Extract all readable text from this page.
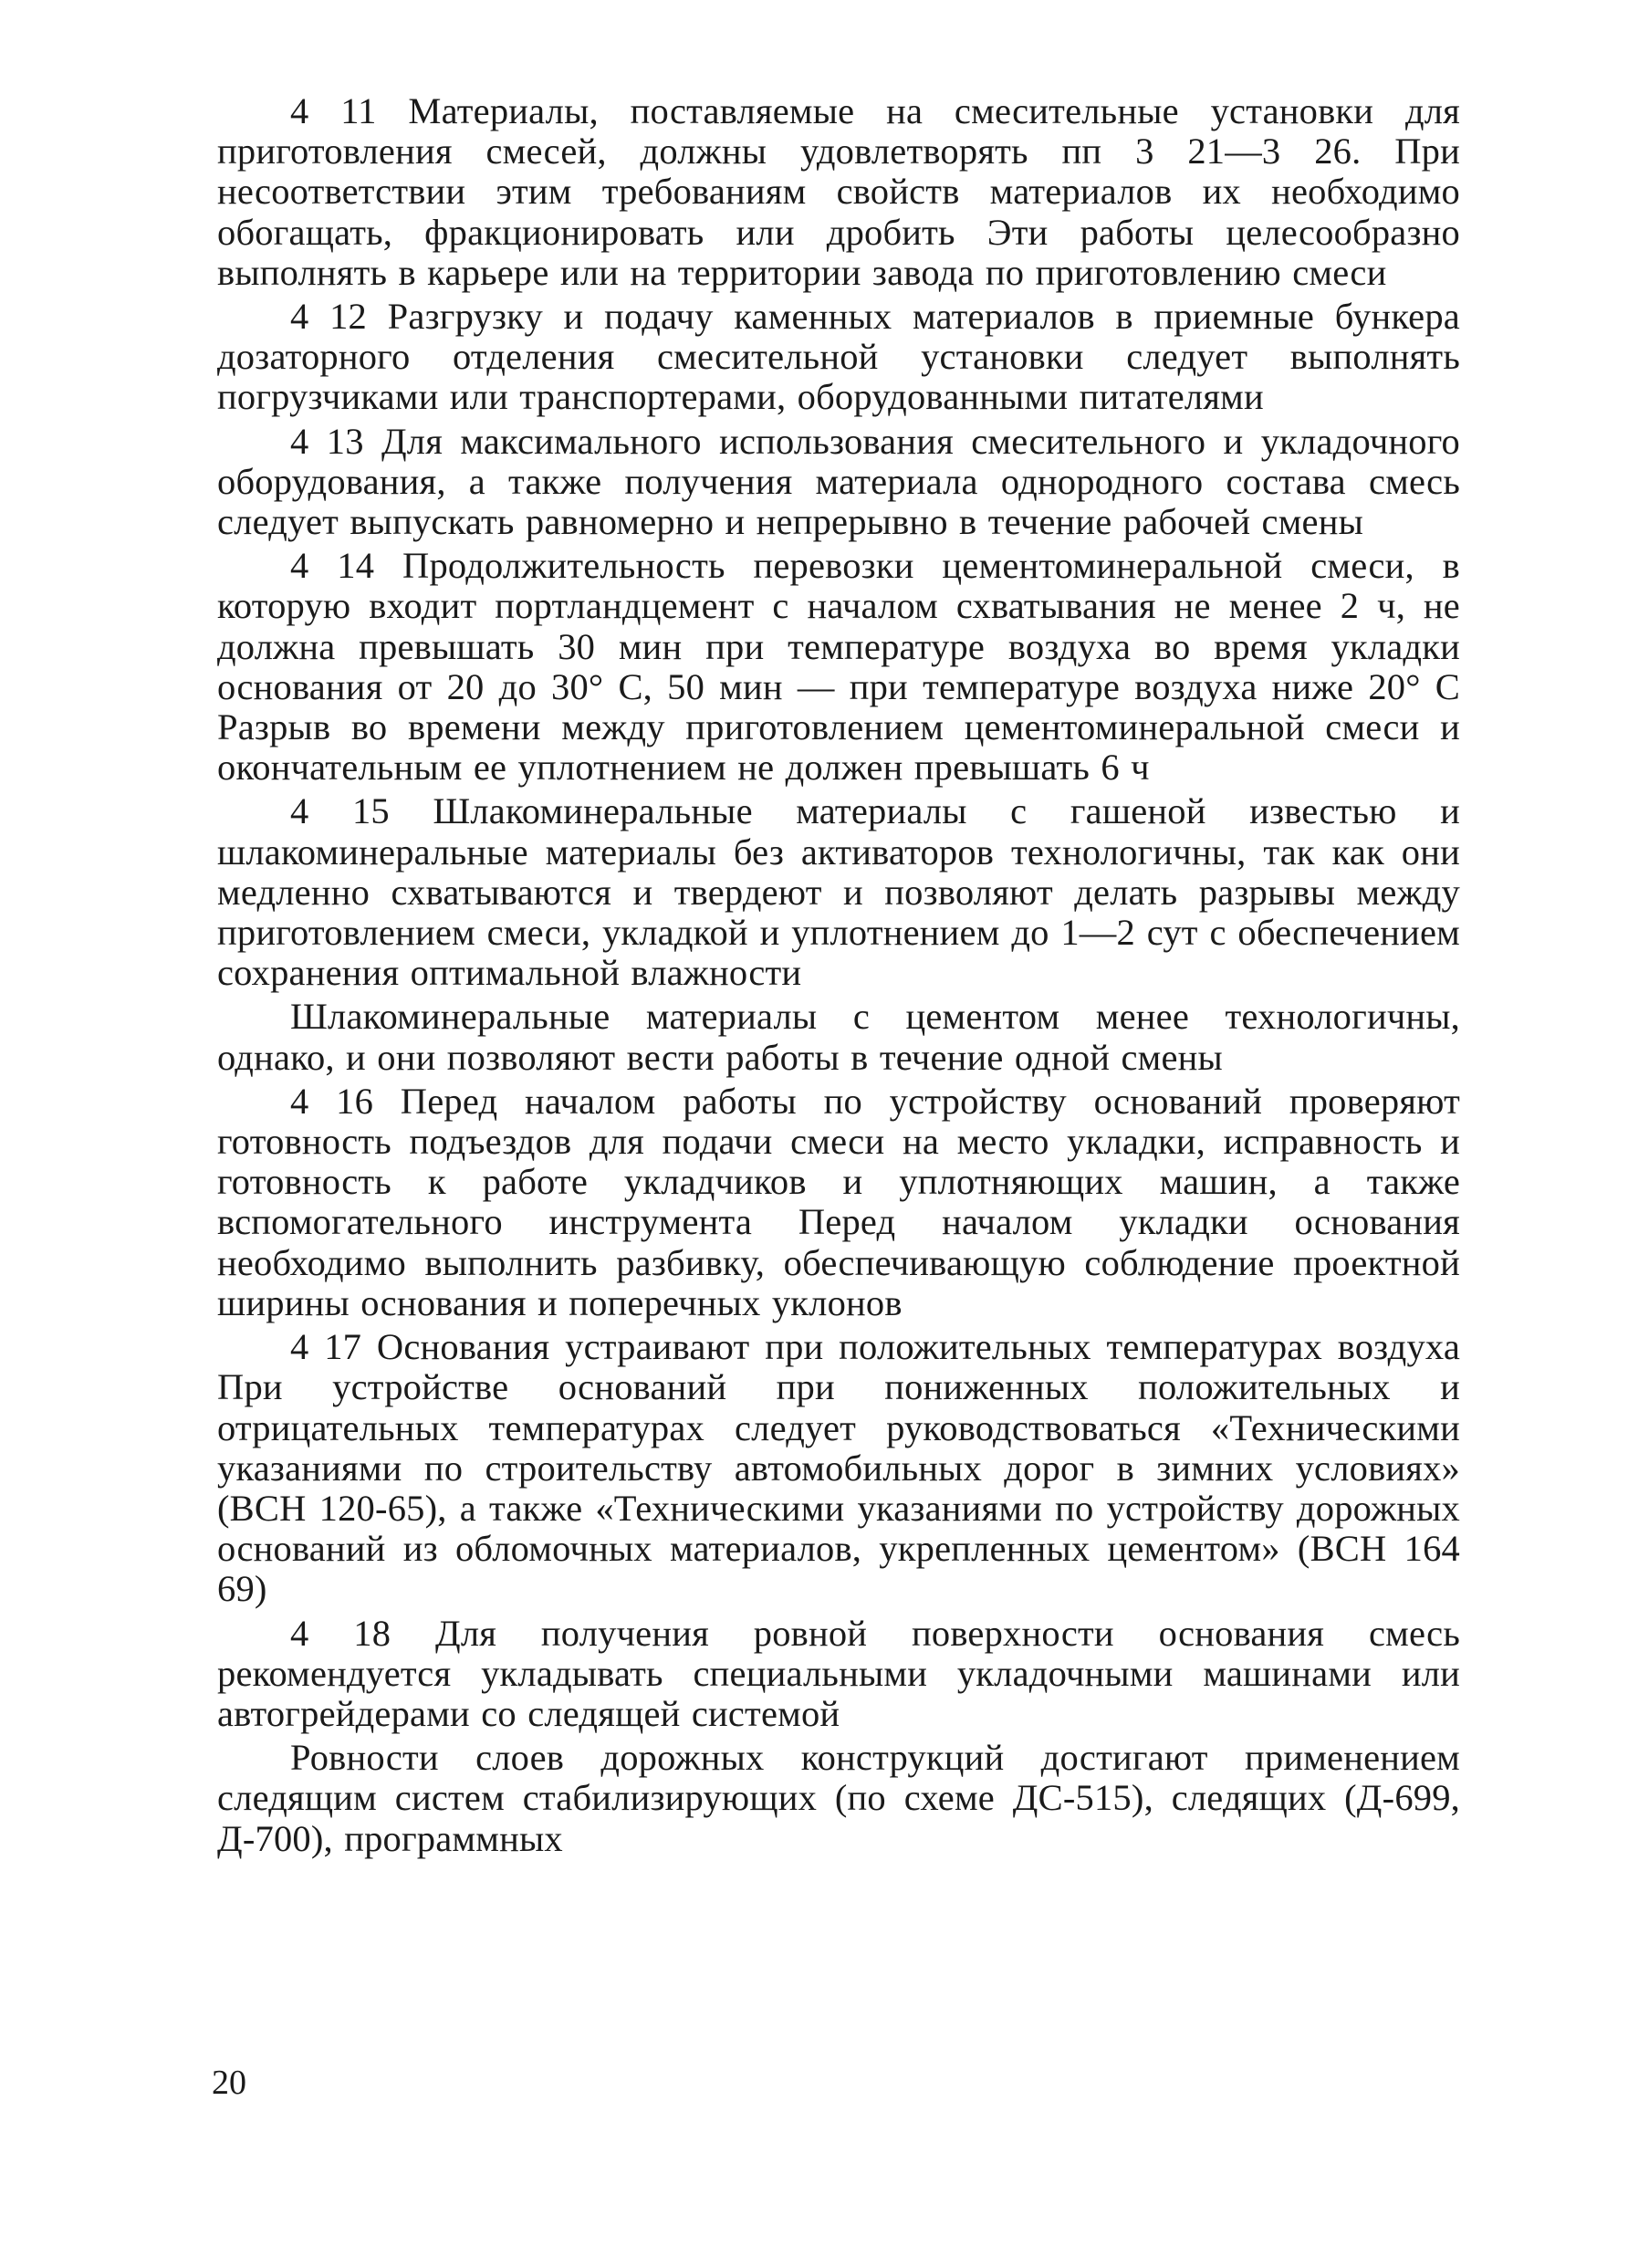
4 11 Материалы, поставляемые на смесительные установки для приготовления смесей, должны удовлетворять пп 3 21—3 26. При несоответствии этим требованиям свойств материалов их необходимо обогащать, фракционировать или дробить Эти работы целесообразно выполнять в карьере или на территории завода по приготовлению смеси

4 12 Разгрузку и подачу каменных материалов в приемные бункера дозаторного отделения смесительной установки следует выполнять погрузчиками или транспортерами, оборудованными питателями

4 13 Для максимального использования смесительного и укладочного оборудования, а также получения материала однородного состава смесь следует выпускать равномерно и непрерывно в течение рабочей смены

4 14 Продолжительность перевозки цементоминеральной смеси, в которую входит портландцемент с началом схватывания не менее 2 ч, не должна превышать 30 мин при температуре воздуха во время укладки основания от 20 до 30° С, 50 мин — при температуре воздуха ниже 20° С Разрыв во времени между приготовлением цементоминеральной смеси и окончательным ее уплотнением не должен превышать 6 ч

4 15 Шлакоминеральные материалы с гашеной известью и шлакоминеральные материалы без активаторов технологичны, так как они медленно схватываются и твердеют и позволяют делать разрывы между приготовлением смеси, укладкой и уплотнением до 1—2 сут с обеспечением сохранения оптимальной влажности

Шлакоминеральные материалы с цементом менее технологичны, однако, и они позволяют вести работы в течение одной смены

4 16 Перед началом работы по устройству оснований проверяют готовность подъездов для подачи смеси на место укладки, исправность и готовность к работе укладчиков и уплотняющих машин, а также вспомогательного инструмента Перед началом укладки основания необходимо выполнить разбивку, обеспечивающую соблюдение проектной ширины основания и поперечных уклонов

4 17 Основания устраивают при положительных температурах воздуха При устройстве оснований при пониженных положительных и отрицательных температурах следует руководствоваться «Техническими указаниями по строительству автомобильных дорог в зимних условиях» (ВСН 120-65), а также «Техническими указаниями по устройству дорожных оснований из обломочных материалов, укрепленных цементом» (ВСН 164 69)

4 18 Для получения ровной поверхности основания смесь рекомендуется укладывать специальными укладочными машинами или автогрейдерами со следящей системой

Ровности слоев дорожных конструкций достигают применением следящим систем стабилизирующих (по схеме ДС-515), следящих (Д-699, Д-700), программных

20
